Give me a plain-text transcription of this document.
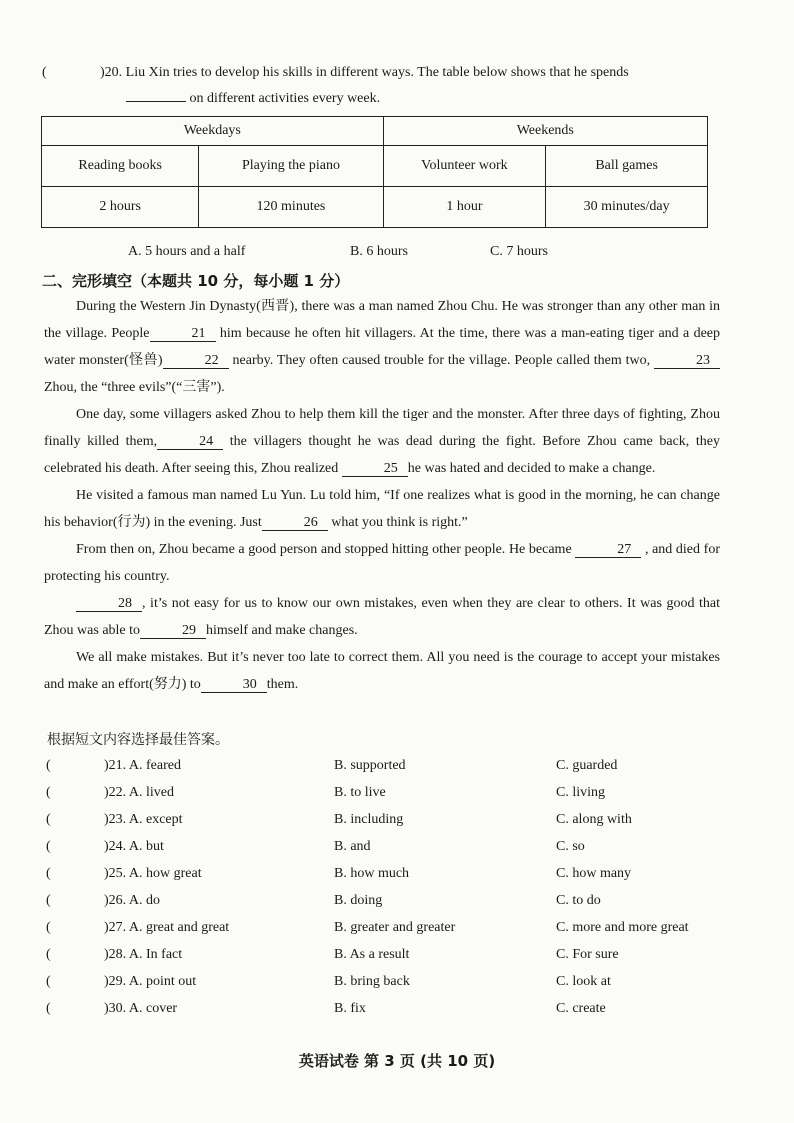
(	)20. Liu Xin tries to develop his skills in different ways. The table below shows that he spends
on different activities every week.
Weekdays		Weekends	
Reading books	Playing the piano	Volunteer work	Ball games
2 hours	120 minutes	1 hour	30 minutes/day
A. 5 hours and a half	B. 6 hours	C. 7 hours
二、完形填空（本题共 10 分，每小题 1 分）

During the Western Jin Dynasty(西晋), there was a man named Zhou Chu. He was stronger than any other man in the village. People	21 him because he often hit villagers. At the time, there was a man-eating tiger and a deep water monster(怪兽)	22 nearby. They often caused trouble for the village. People called them two,	23 Zhou, the “three evils”(“三害”).

One day, some villagers asked Zhou to help them kill the tiger and the monster. After three days of fighting, Zhou finally killed them,	24 the villagers thought he was dead during the fight. Before Zhou came back, they celebrated his death. After seeing this, Zhou realized	25 he was hated and decided to make a change.

He visited a famous man named Lu Yun. Lu told him, “If one realizes what is good in the morning, he can change his behavior(行为) in the evening. Just	26 what you think is right.”

From then on, Zhou became a good person and stopped hitting other people. He became	27 , and died for protecting his country.

28 , it’s not easy for us to know our own mistakes, even when they are clear to others. It was good that Zhou was able to	29 himself and make changes.

We all make mistakes. But it’s never too late to correct them. All you need is the courage to accept your mistakes and make an effort(努力) to	30 them.

根据短文内容选择最佳答案。
(	)21. A. feared	B. supported	C. guarded
(	)22. A. lived	B. to live	C. living
(	)23. A. except	B. including	C. along with
(	)24. A. but	B. and	C. so
(	)25. A. how great	B. how much	C. how many
(	)26. A. do	B. doing	C. to do
(	)27. A. great and great	B. greater and greater	C. more and more great
(	)28. A. In fact	B. As a result	C. For sure
(	)29. A. point out	B. bring back	C. look at
(	)30. A. cover	B. fix	C. create
英语试卷 第 3 页 (共 10 页)
